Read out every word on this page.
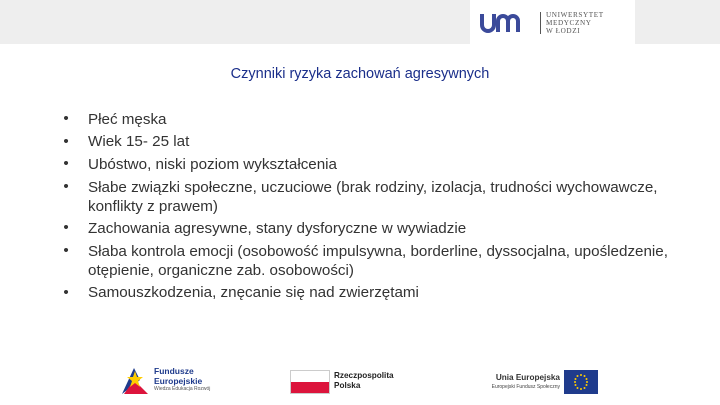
UNIWERSYTET
MEDYCZNY
W ŁODZI
Czynniki ryzyka zachowań agresywnych
• Płeć męska
• Wiek 15- 25 lat
• Ubóstwo, niski poziom wykształcenia
• Słabe związki społeczne, uczuciowe (brak rodziny, izolacja, trudności wychowawcze, konflikty z prawem)
• Zachowania agresywne, stany dysforyczne w wywiadzie
• Słaba kontrola emocji (osobowość impulsywna, borderline, dyssocjalna, upośledzenie, otępienie, organiczne zab. osobowości)
• Samouszkodzenia, znęcanie się nad zwierzętami
Fundusze
Europejskie
Wiedza Edukacja Rozwój
Rzeczpospolita
Polska
Unia Europejska
Europejski Fundusz Społeczny
